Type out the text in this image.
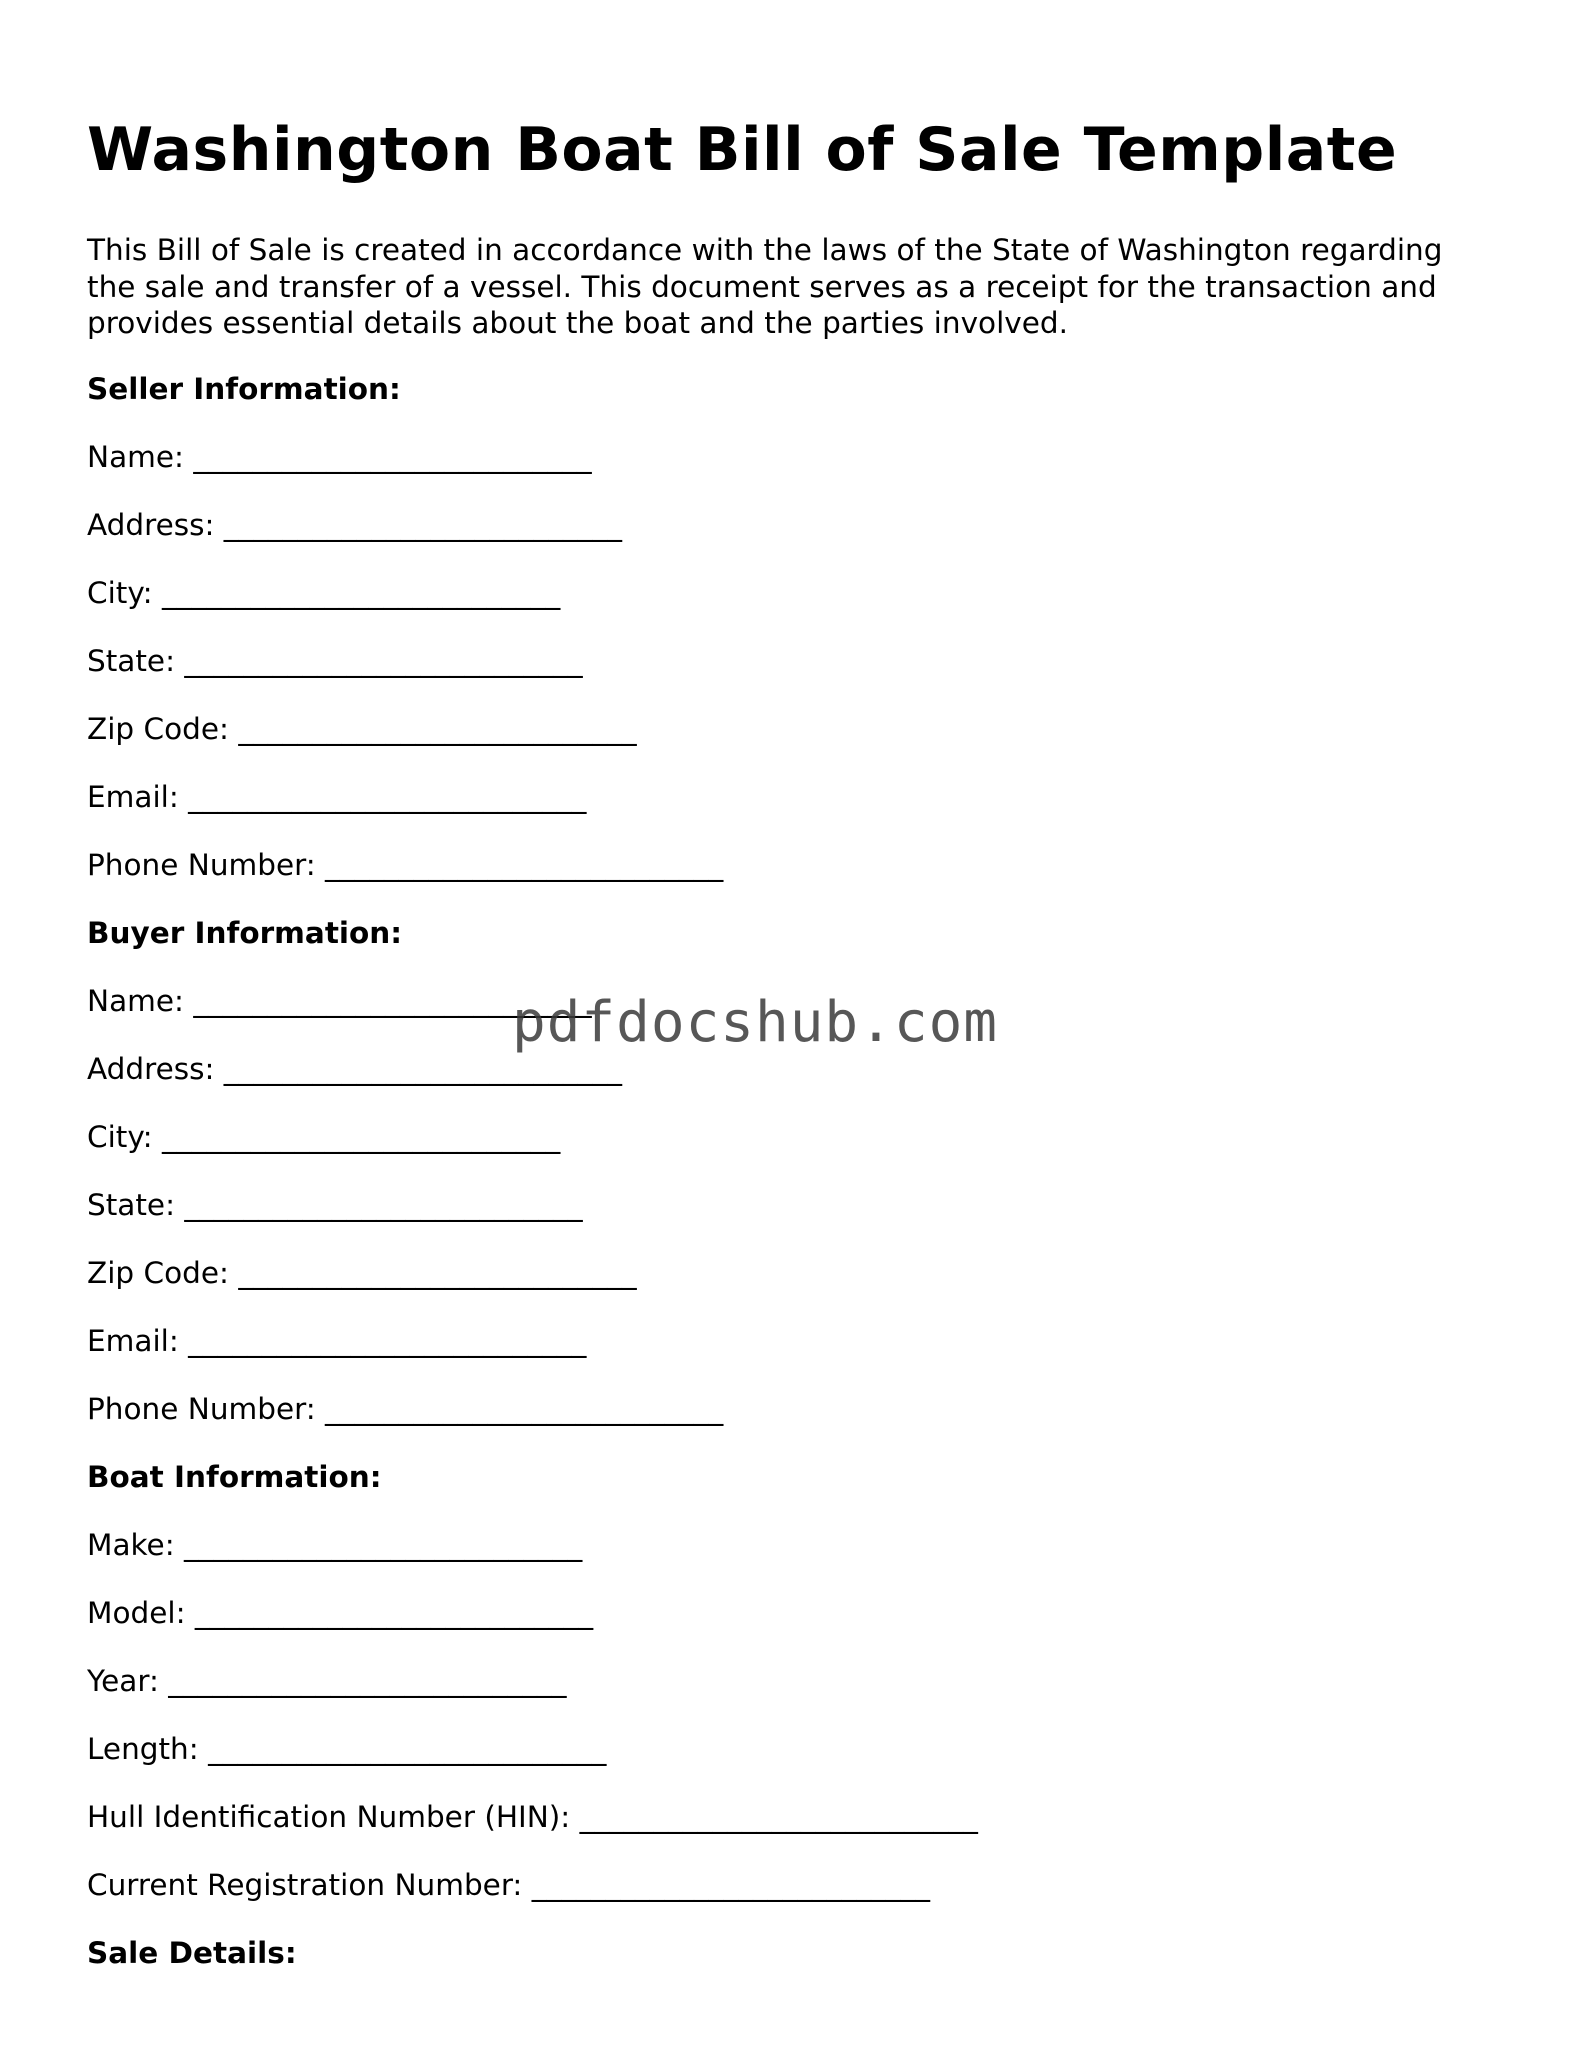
Washington Boat Bill of Sale Template

This Bill of Sale is created in accordance with the laws of the State of Washington regarding the sale and transfer of a vessel. This document serves as a receipt for the transaction and provides essential details about the boat and the parties involved.

Seller Information:

Name: ___________________________

Address: ___________________________

City: ___________________________

State: ___________________________

Zip Code: ___________________________

Email: ___________________________

Phone Number: ___________________________

Buyer Information:

Name: ___________________________

Address: ___________________________

City: ___________________________

State: ___________________________

Zip Code: ___________________________

Email: ___________________________

Phone Number: ___________________________

Boat Information:

Make: ___________________________

Model: ___________________________

Year: ___________________________

Length: ___________________________

Hull Identification Number (HIN): ___________________________

Current Registration Number: ___________________________

Sale Details:

pdfdocshub.com
